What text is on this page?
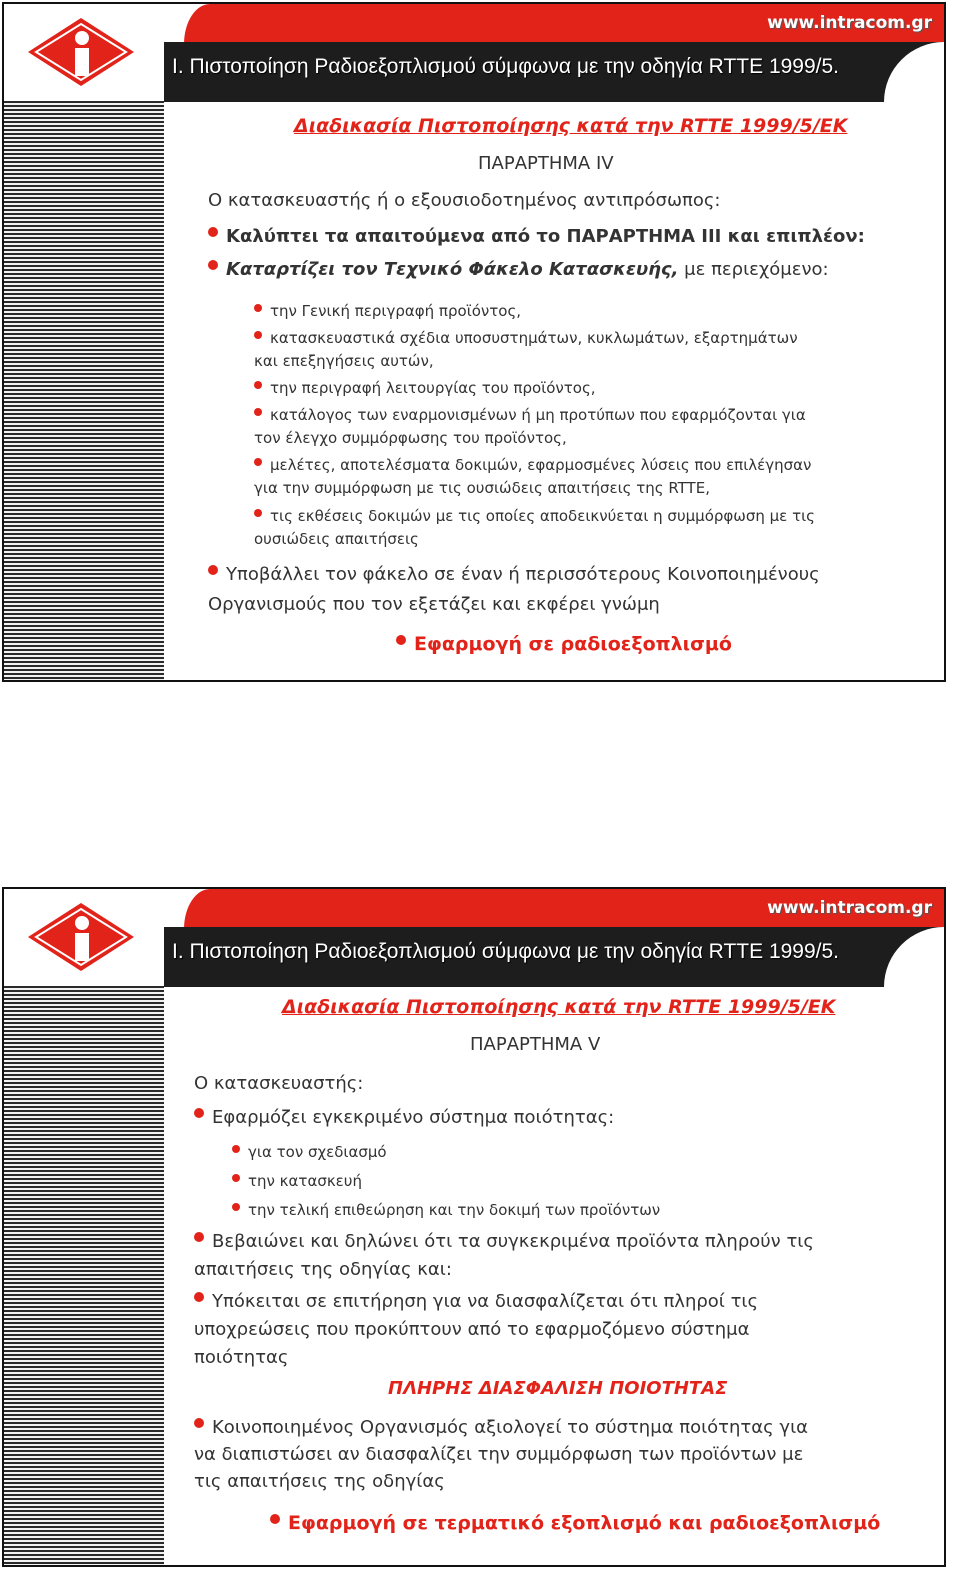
www.intracom.gr
Ι. Πιστοποίηση Ραδιοεξοπλισμού σύμφωνα με την οδηγία RTTE 1999/5.
Διαδικασία Πιστοποίησης κατά την RTTE 1999/5/ΕΚ
ΠΑΡΑΡΤΗΜΑ IV
Ο κατασκευαστής ή ο εξουσιοδοτημένος αντιπρόσωπος:
Καλύπτει τα απαιτούμενα από το ΠΑΡΑΡΤΗΜΑ III και επιπλέον:
Καταρτίζει τον Τεχνικό Φάκελο Κατασκευής, με περιεχόμενο:
την Γενική περιγραφή προϊόντος,
κατασκευαστικά σχέδια υποσυστημάτων, κυκλωμάτων, εξαρτημάτων
και επεξηγήσεις αυτών,
την περιγραφή λειτουργίας του προϊόντος,
κατάλογος των εναρμονισμένων ή μη προτύπων που εφαρμόζονται για
τον έλεγχο συμμόρφωσης του προϊόντος,
μελέτες, αποτελέσματα δοκιμών, εφαρμοσμένες λύσεις που επιλέγησαν
για την συμμόρφωση με τις ουσιώδεις απαιτήσεις της RTTE,
τις εκθέσεις δοκιμών με τις οποίες αποδεικνύεται η συμμόρφωση με τις
ουσιώδεις απαιτήσεις
Υποβάλλει τον φάκελο σε έναν ή περισσότερους Κοινοποιημένους
Οργανισμούς που τον εξετάζει και εκφέρει γνώμη
Εφαρμογή σε ραδιοεξοπλισμό
www.intracom.gr
Ι. Πιστοποίηση Ραδιοεξοπλισμού σύμφωνα με την οδηγία RTTE 1999/5.
Διαδικασία Πιστοποίησης κατά την RTTE 1999/5/ΕΚ
ΠΑΡΑΡΤΗΜΑ V
Ο κατασκευαστής:
Εφαρμόζει εγκεκριμένο σύστημα ποιότητας:
για τον σχεδιασμό
την κατασκευή
την τελική επιθεώρηση και την δοκιμή των προϊόντων
Βεβαιώνει και δηλώνει ότι τα συγκεκριμένα προϊόντα πληρούν τις
απαιτήσεις της οδηγίας και:
Υπόκειται σε επιτήρηση για να διασφαλίζεται ότι πληροί τις
υποχρεώσεις που προκύπτουν από το εφαρμοζόμενο σύστημα
ποιότητας
ΠΛΗΡΗΣ ΔΙΑΣΦΑΛΙΣΗ ΠΟΙΟΤΗΤΑΣ
Κοινοποιημένος Οργανισμός αξιολογεί το σύστημα ποιότητας για
να διαπιστώσει αν διασφαλίζει την συμμόρφωση των προϊόντων με
τις απαιτήσεις της οδηγίας
Εφαρμογή σε τερματικό εξοπλισμό και ραδιοεξοπλισμό
